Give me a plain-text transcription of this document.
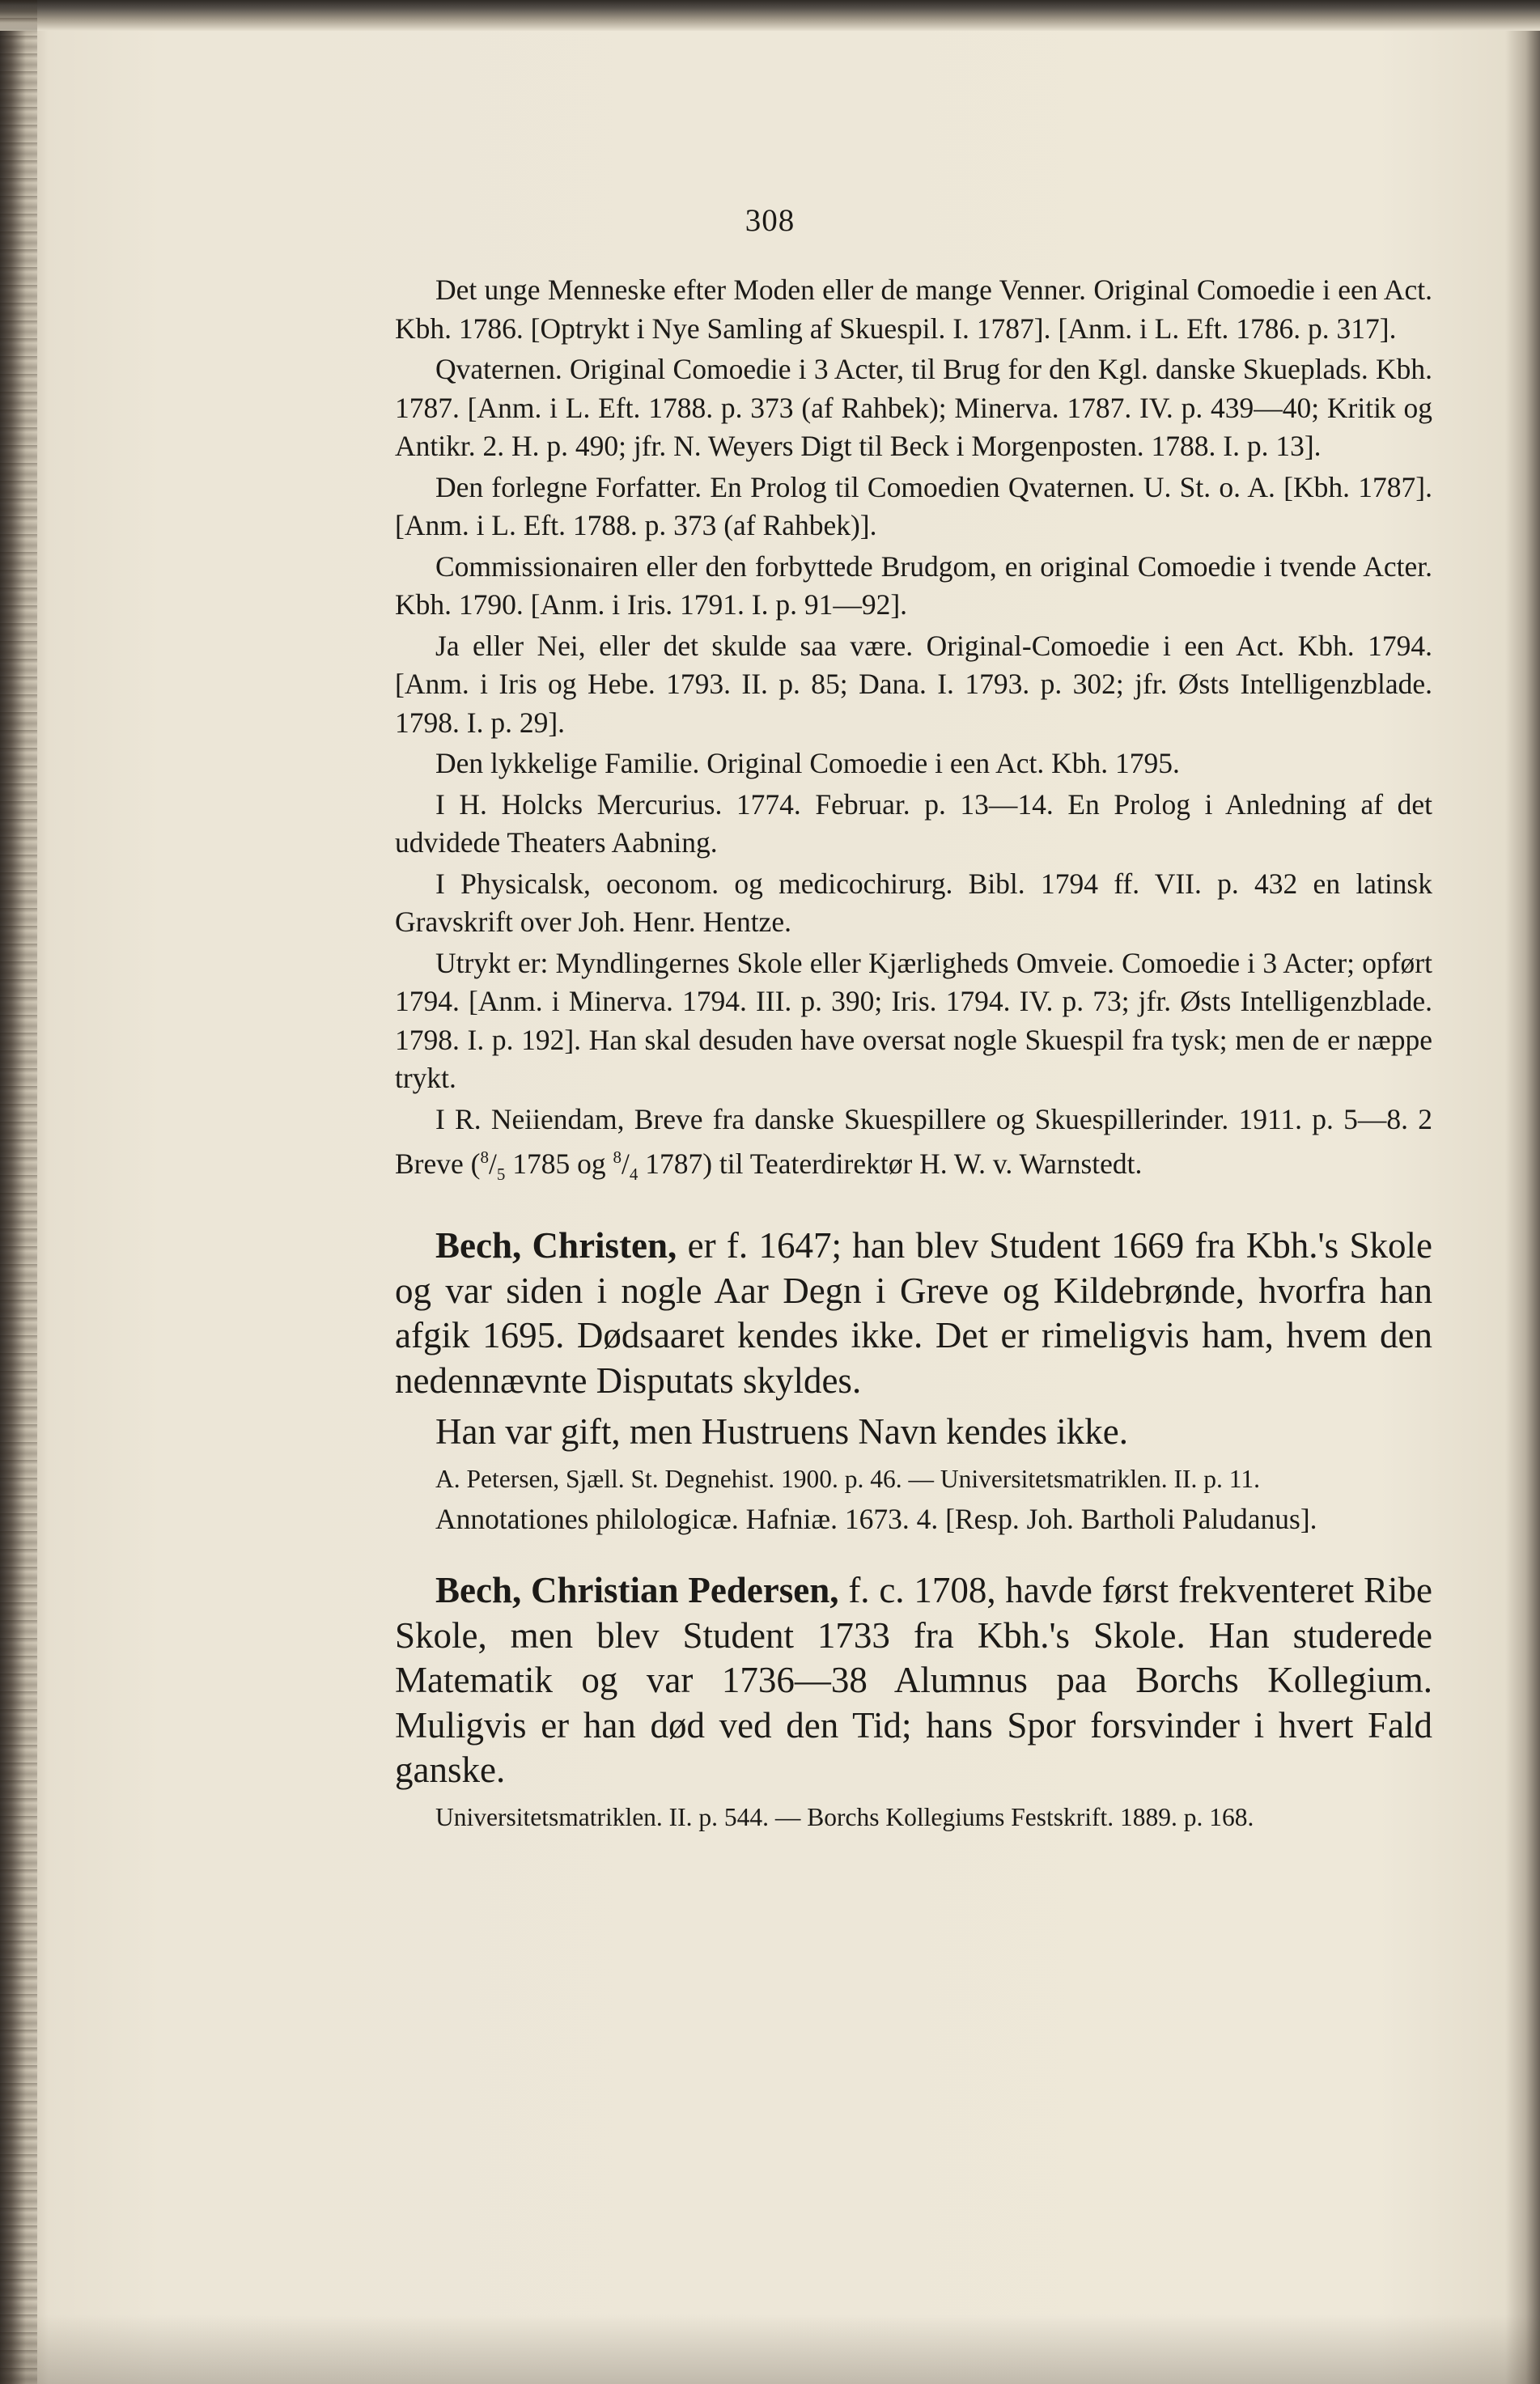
308

Det unge Menneske efter Moden eller de mange Venner. Original Comoedie i een Act. Kbh. 1786. [Optrykt i Nye Samling af Skuespil. I. 1787]. [Anm. i L. Eft. 1786. p. 317].

Qvaternen. Original Comoedie i 3 Acter, til Brug for den Kgl. danske Skueplads. Kbh. 1787. [Anm. i L. Eft. 1788. p. 373 (af Rahbek); Minerva. 1787. IV. p. 439—40; Kritik og Antikr. 2. H. p. 490; jfr. N. Weyers Digt til Beck i Morgenposten. 1788. I. p. 13].

Den forlegne Forfatter. En Prolog til Comoedien Qvaternen. U. St. o. A. [Kbh. 1787]. [Anm. i L. Eft. 1788. p. 373 (af Rahbek)].

Commissionairen eller den forbyttede Brudgom, en original Comoedie i tvende Acter. Kbh. 1790. [Anm. i Iris. 1791. I. p. 91—92].

Ja eller Nei, eller det skulde saa være. Original-Comoedie i een Act. Kbh. 1794. [Anm. i Iris og Hebe. 1793. II. p. 85; Dana. I. 1793. p. 302; jfr. Østs Intelligenzblade. 1798. I. p. 29].

Den lykkelige Familie. Original Comoedie i een Act. Kbh. 1795.

I H. Holcks Mercurius. 1774. Februar. p. 13—14. En Prolog i Anledning af det udvidede Theaters Aabning.

I Physicalsk, oeconom. og medicochirurg. Bibl. 1794 ff. VII. p. 432 en latinsk Gravskrift over Joh. Henr. Hentze.

Utrykt er: Myndlingernes Skole eller Kjærligheds Omveie. Comoedie i 3 Acter; opført 1794. [Anm. i Minerva. 1794. III. p. 390; Iris. 1794. IV. p. 73; jfr. Østs Intelligenzblade. 1798. I. p. 192]. Han skal desuden have oversat nogle Skuespil fra tysk; men de er næppe trykt.

I R. Neiiendam, Breve fra danske Skuespillere og Skuespillerinder. 1911. p. 5—8. 2 Breve ($^8/_5$ 1785 og $^8/_4$ 1787) til Teaterdirektør H. W. v. Warnstedt.

Bech, Christen, er f. 1647; han blev Student 1669 fra Kbh.'s Skole og var siden i nogle Aar Degn i Greve og Kildebrønde, hvorfra han afgik 1695. Dødsaaret kendes ikke. Det er rimeligvis ham, hvem den nedennævnte Disputats skyldes.

Han var gift, men Hustruens Navn kendes ikke.

A. Petersen, Sjæll. St. Degnehist. 1900. p. 46. — Universitetsmatriklen. II. p. 11.

Annotationes philologicæ. Hafniæ. 1673. 4. [Resp. Joh. Bartholi Paludanus].

Bech, Christian Pedersen, f. c. 1708, havde først frekventeret Ribe Skole, men blev Student 1733 fra Kbh.'s Skole. Han studerede Matematik og var 1736—38 Alumnus paa Borchs Kollegium. Muligvis er han død ved den Tid; hans Spor forsvinder i hvert Fald ganske.

Universitetsmatriklen. II. p. 544. — Borchs Kollegiums Festskrift. 1889. p. 168.
